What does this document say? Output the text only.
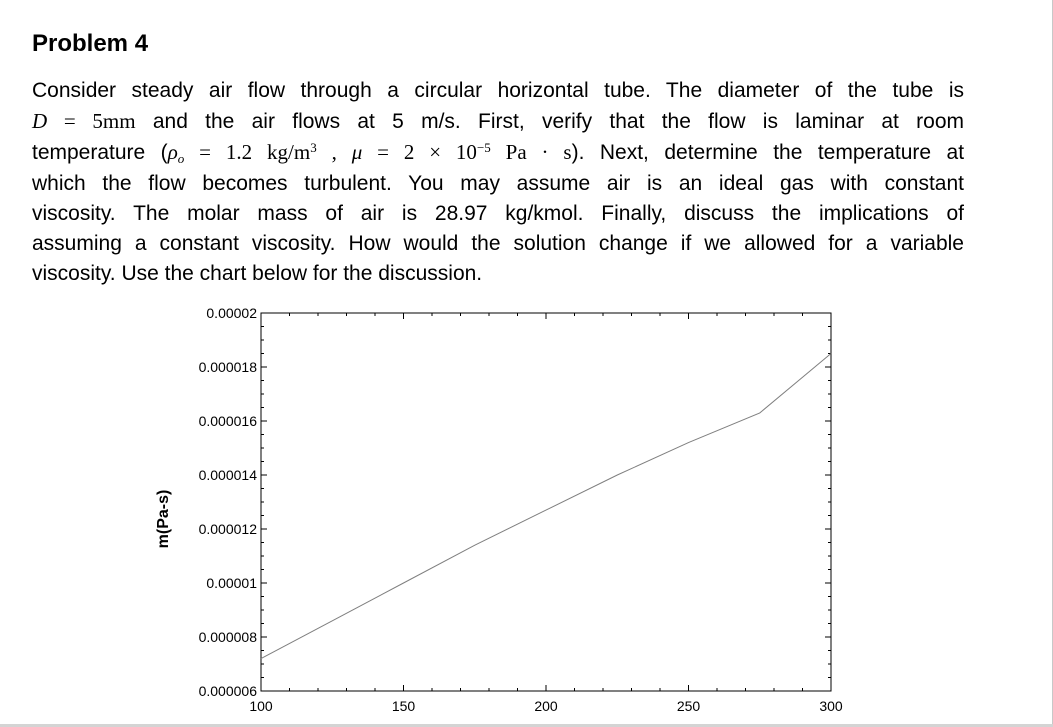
Problem 4
Consider steady air flow through a circular horizontal tube. The diameter of the tube is
D = 5mm and the air flows at 5 m/s. First, verify that the flow is laminar at room
temperature ($\rho_o = 1.2$ $kg/m^3$ , $\mu = 2 \times 10^{-5}$ Pa · s). Next, determine the temperature at
which the flow becomes turbulent. You may assume air is an ideal gas with constant
viscosity. The molar mass of air is 28.97 kg/kmol. Finally, discuss the implications of
assuming a constant viscosity. How would the solution change if we allowed for a variable
viscosity. Use the chart below for the discussion.
0.000006
0.000008
0.00001
0.000012
0.000014
0.000016
0.000018
0.00002
100	150	200	250	300
m(Pa-s)
